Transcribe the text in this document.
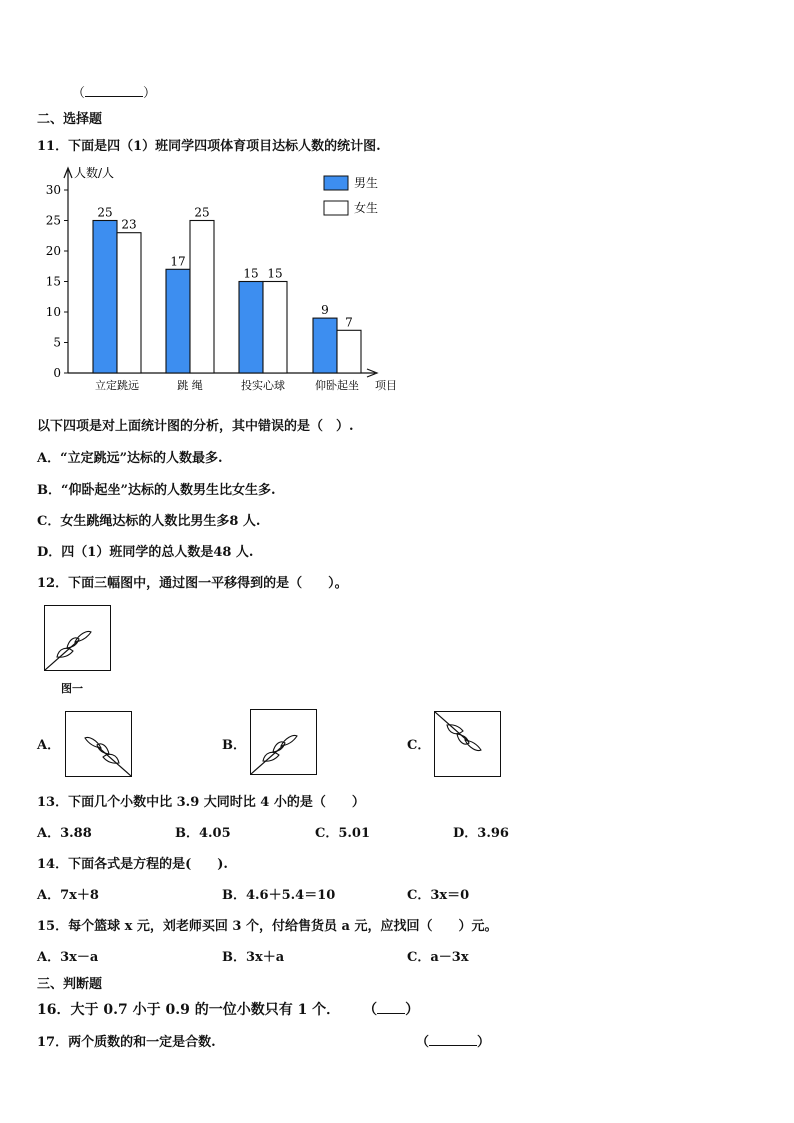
（	）
二、选择题
11．下面是四（1）班同学四项体育项目达标人数的统计图.
0
5
10
15
20
25
30
人数/人
项目
25
23
立定跳远
17
25
跳 绳
15 15
投实心球
9
7
仰卧起坐
男生
女生
以下四项是对上面统计图的分析，其中错误的是（　）.
A．“立定跳远”达标的人数最多.
B．“仰卧起坐”达标的人数男生比女生多.
C．女生跳绳达标的人数比男生多8 人.
D．四（1）班同学的总人数是48 人.
12．下面三幅图中，通过图一平移得到的是（　　）。
图一
A．	B．	C．
13．下面几个小数中比 3.9 大同时比 4 小的是（　　）
A．3.88	B．4.05	C．5.01	D．3.96
14．下面各式是方程的是(　　).
A．7x＋8	B．4.6＋5.4＝10	C．3x＝0
15．每个篮球 x 元，刘老师买回 3 个，付给售货员 a 元，应找回（　　）元。
A．3x－a	B．3x＋a	C．a－3x
三、判断题
16．大于 0.7 小于 0.9 的一位小数只有 1 个． （ ）
17．两个质数的和一定是合数.	（	）
